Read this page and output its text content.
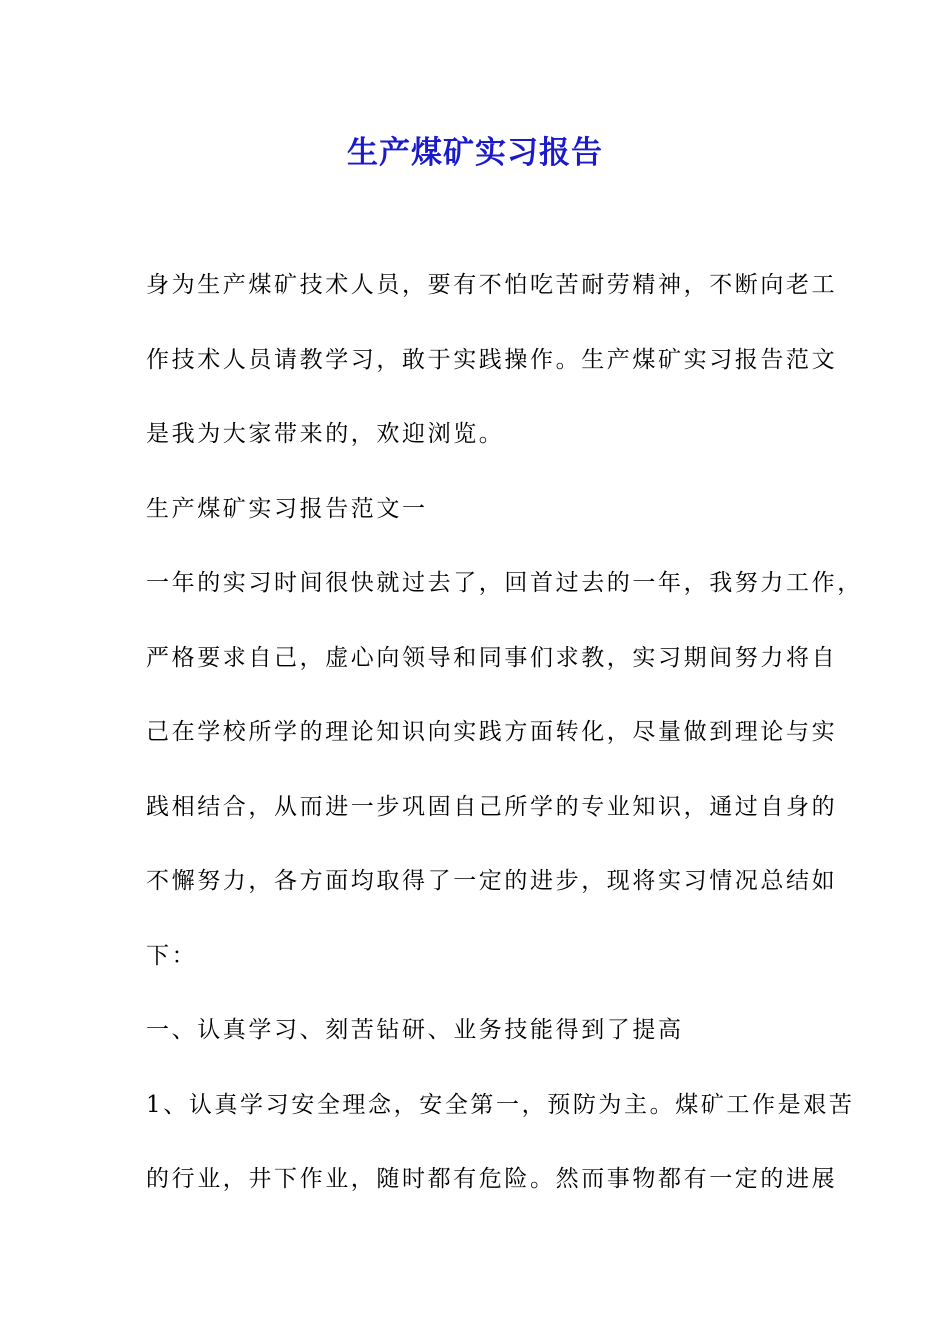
生产煤矿实习报告
身为生产煤矿技术人员，要有不怕吃苦耐劳精神，不断向老工
作技术人员请教学习，敢于实践操作。生产煤矿实习报告范文
是我为大家带来的，欢迎浏览。
生产煤矿实习报告范文一
一年的实习时间很快就过去了，回首过去的一年，我努力工作，
严格要求自己，虚心向领导和同事们求教，实习期间努力将自
己在学校所学的理论知识向实践方面转化，尽量做到理论与实
践相结合，从而进一步巩固自己所学的专业知识，通过自身的
不懈努力，各方面均取得了一定的进步，现将实习情况总结如
下：
一、认真学习、刻苦钻研、业务技能得到了提高
1、认真学习安全理念，安全第一，预防为主。煤矿工作是艰苦
的行业，井下作业，随时都有危险。然而事物都有一定的进展
